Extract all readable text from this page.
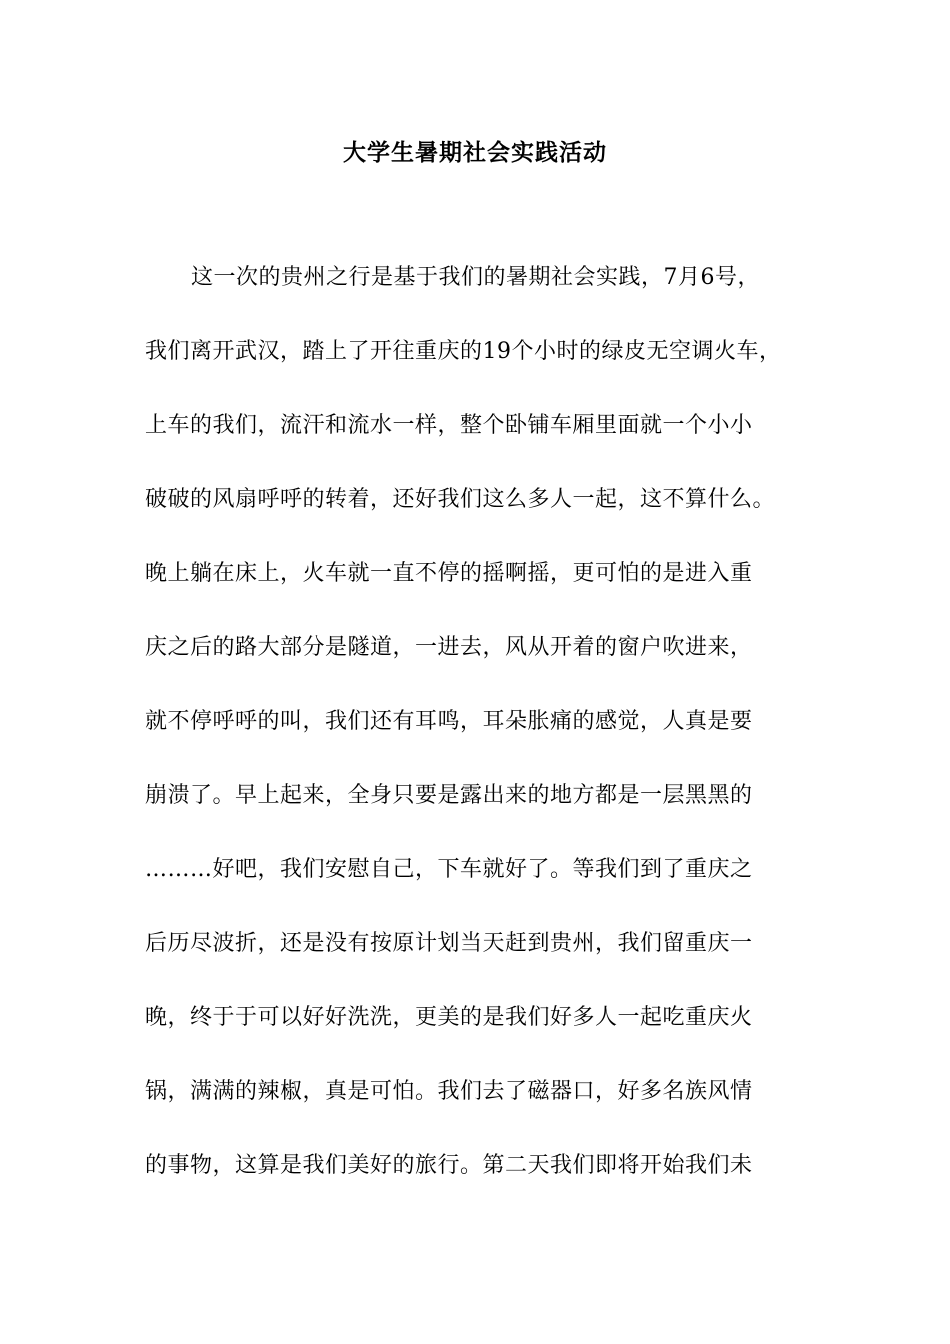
大学生暑期社会实践活动
这一次的贵州之行是基于我们的暑期社会实践，7月6号，
我们离开武汉，踏上了开往重庆的19个小时的绿皮无空调火车，
上车的我们，流汗和流水一样，整个卧铺车厢里面就一个小小
破破的风扇呼呼的转着，还好我们这么多人一起，这不算什么。
晚上躺在床上，火车就一直不停的摇啊摇，更可怕的是进入重
庆之后的路大部分是隧道，一进去，风从开着的窗户吹进来，
就不停呼呼的叫，我们还有耳鸣，耳朵胀痛的感觉，人真是要
崩溃了。早上起来，全身只要是露出来的地方都是一层黑黑的
………好吧，我们安慰自己，下车就好了。等我们到了重庆之
后历尽波折，还是没有按原计划当天赶到贵州，我们留重庆一
晚，终于于可以好好洗洗，更美的是我们好多人一起吃重庆火
锅，满满的辣椒，真是可怕。我们去了磁器口，好多名族风情
的事物，这算是我们美好的旅行。第二天我们即将开始我们未
